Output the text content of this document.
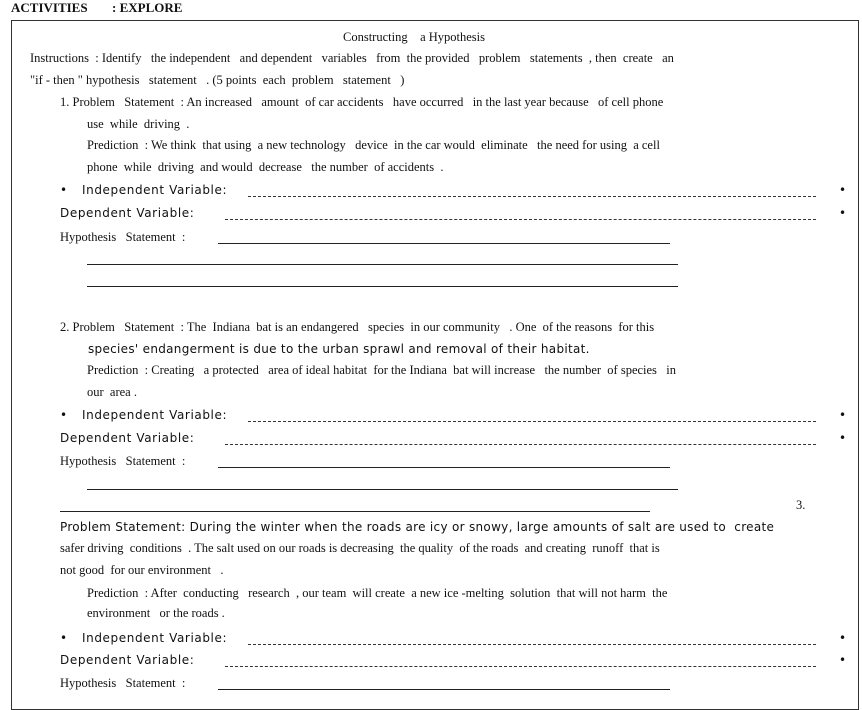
ACTIVITIES : EXPLORE
Constructing    a Hypothesis
Instructions  : Identify   the independent   and dependent   variables   from  the provided   problem   statements  , then  create   an
"if - then " hypothesis   statement   . (5 points  each  problem   statement   )
1. Problem   Statement  : An increased   amount  of car accidents   have occurred   in the last year because   of cell phone
use  while  driving  .
Prediction  : We think  that using  a new technology   device  in the car would  eliminate   the need for using  a cell
phone  while  driving  and would  decrease   the number  of accidents  .
• Independent Variable:	•
Dependent Variable:	•
Hypothesis   Statement  :
2. Problem   Statement  : The  Indiana  bat is an endangered   species  in our community   . One  of the reasons  for this
species' endangerment is due to the urban sprawl and removal of their habitat.
Prediction  : Creating   a protected   area of ideal habitat  for the Indiana  bat will increase   the number  of species   in
our  area .
• Independent Variable:	•
Dependent Variable:	•
Hypothesis   Statement  :
3.
Problem Statement: During the winter when the roads are icy or snowy, large amounts of salt are used to  create
safer driving  conditions  . The salt used on our roads is decreasing  the quality  of the roads  and creating  runoff  that is
not good  for our environment   .
Prediction  : After  conducting   research  , our team  will create  a new ice -melting  solution  that will not harm  the
environment   or the roads .
• Independent Variable:	•
Dependent Variable:	•
Hypothesis   Statement  :
